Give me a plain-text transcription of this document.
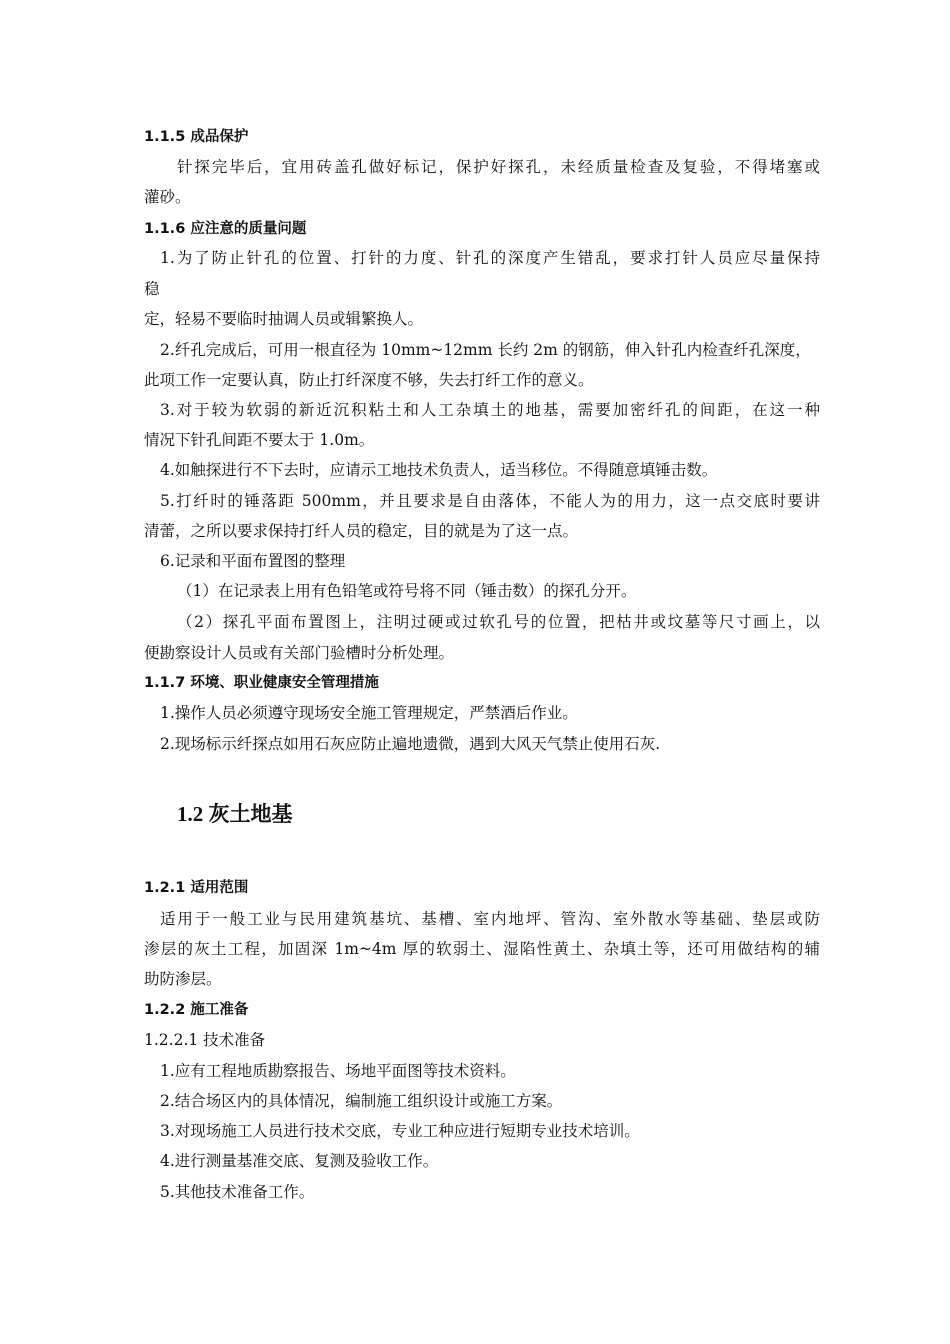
1.1.5 成品保护
针探完毕后，宜用砖盖孔做好标记，保护好探孔，未经质量检查及复验，不得堵塞或
灌砂。
1.1.6 应注意的质量问题
1.为了防止针孔的位置、打针的力度、针孔的深度产生错乱，要求打针人员应尽量保持
稳
定，轻易不要临时抽调人员或辑繁换人。
2.纤孔完成后，可用一根直径为 10mm~12mm 长约 2m 的钢筋，伸入针孔内检查纤孔深度，
此项工作一定要认真，防止打纤深度不够，失去打纤工作的意义。
3.对于较为软弱的新近沉积粘土和人工杂填土的地基，需要加密纤孔的间距，在这一种
情况下针孔间距不要太于 1.0m。
4.如触探进行不下去时，应请示工地技术负责人，适当移位。不得随意填锤击数。
5.打纤时的锤落距 500mm，并且要求是自由落体，不能人为的用力，这一点交底时要讲
清蕾，之所以要求保持打纤人员的稳定，目的就是为了这一点。
6.记录和平面布置图的整理
（1）在记录表上用有色铅笔或符号将不同（锤击数）的探孔分开。
（2）探孔平面布置图上，注明过硬或过软孔号的位置，把枯井或坟墓等尺寸画上，以
便勘察设计人员或有关部门验槽时分析处理。
1.1.7 环境、职业健康安全管理措施
1.操作人员必须遵守现场安全施工管理规定，严禁酒后作业。
2.现场标示纤探点如用石灰应防止遍地遗微，遇到大风天气禁止使用石灰.
1.2 灰土地基
1.2.1 适用范围
适用于一般工业与民用建筑基坑、基槽、室内地坪、管沟、室外散水等基础、垫层或防
渗层的灰土工程，加固深 1m~4m 厚的软弱土、湿陷性黄土、杂填土等，还可用做结构的辅
助防渗层。
1.2.2 施工准备
1.2.2.1 技术准备
1.应有工程地质勘察报告、场地平面图等技术资料。
2.结合场区内的具体情况，编制施工组织设计或施工方案。
3.对现场施工人员进行技术交底，专业工种应进行短期专业技术培训。
4.进行测量基准交底、复测及验收工作。
5.其他技术准备工作。
